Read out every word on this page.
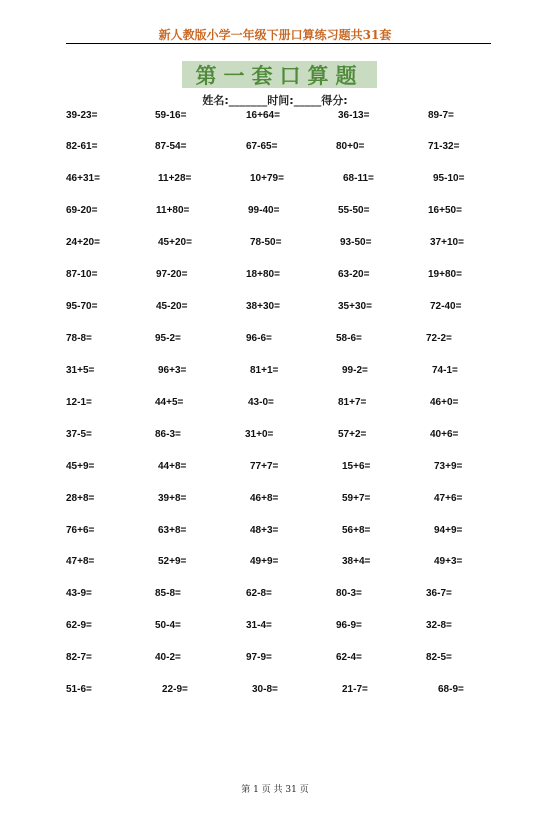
新人教版小学一年级下册口算练习题共31套
第一套口算题
姓名:_______时间:_____得分:
39-23=	59-16=	16+64=	36-13=	89-7=
82-61=	87-54=	67-65=	80+0=	71-32=
46+31=	11+28=	10+79=	68-11=	95-10=
69-20=	11+80=	99-40=	55-50=	16+50=
24+20=	45+20=	78-50=	93-50=	37+10=
87-10=	97-20=	18+80=	63-20=	19+80=
95-70=	45-20=	38+30=	35+30=	72-40=
78-8=	95-2=	96-6=	58-6=	72-2=
31+5=	96+3=	81+1=	99-2=	74-1=
12-1=	44+5=	43-0=	81+7=	46+0=
37-5=	86-3=	31+0=	57+2=	40+6=
45+9=	44+8=	77+7=	15+6=	73+9=
28+8=	39+8=	46+8=	59+7=	47+6=
76+6=	63+8=	48+3=	56+8=	94+9=
47+8=	52+9=	49+9=	38+4=	49+3=
43-9=	85-8=	62-8=	80-3=	36-7=
62-9=	50-4=	31-4=	96-9=	32-8=
82-7=	40-2=	97-9=	62-4=	82-5=
51-6=	22-9=	30-8=	21-7=	68-9=
第 1 页 共 31 页
